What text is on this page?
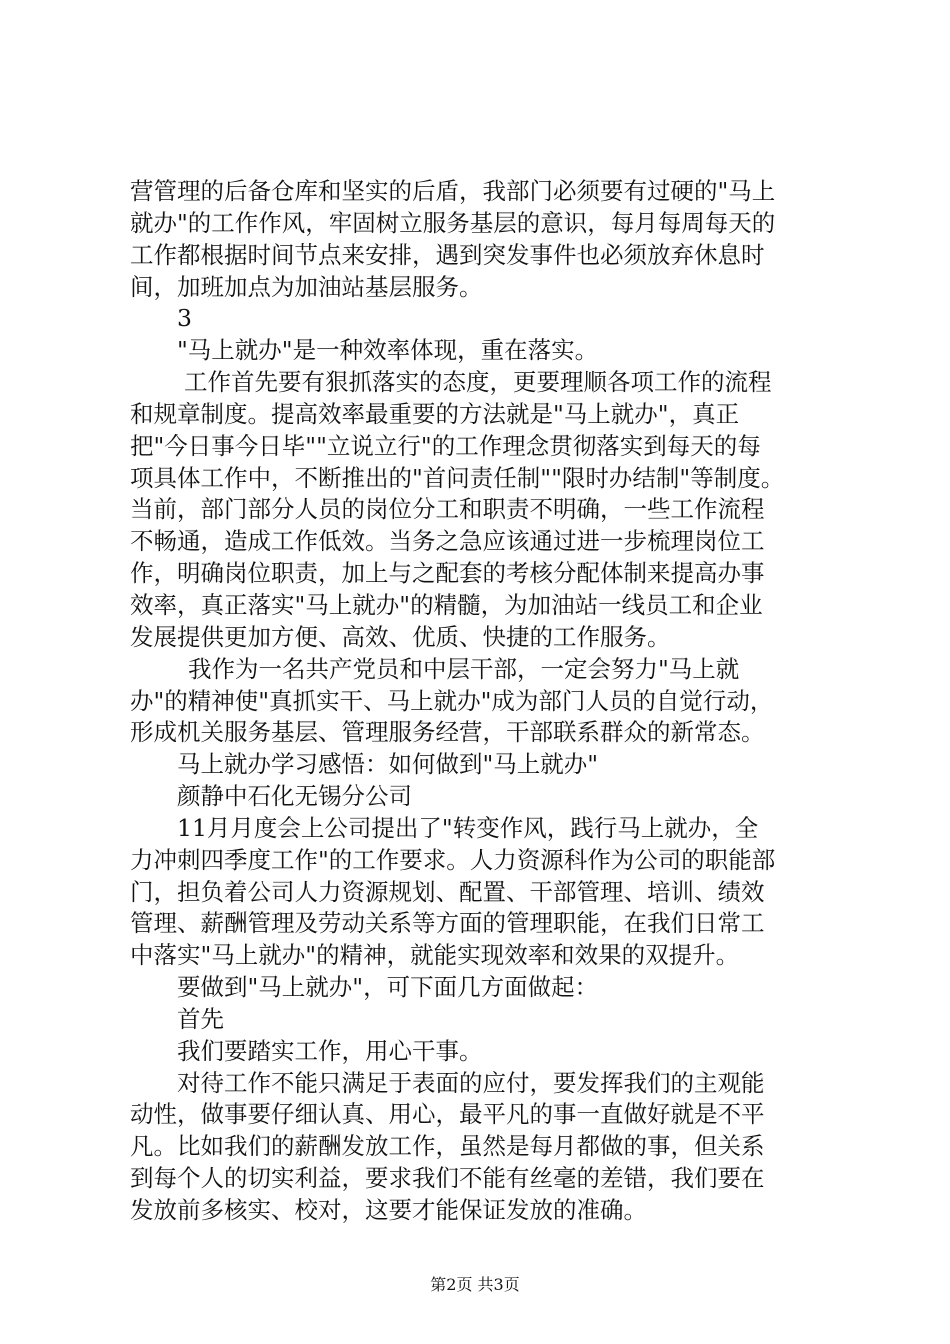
营管理的后备仓库和坚实的后盾，我部门必须要有过硬的"马上
就办"的工作作风，牢固树立服务基层的意识，每月每周每天的
工作都根据时间节点来安排，遇到突发事件也必须放弃休息时
间，加班加点为加油站基层服务。
3
"马上就办"是一种效率体现，重在落实。
工作首先要有狠抓落实的态度，更要理顺各项工作的流程
和规章制度。提高效率最重要的方法就是"马上就办"，真正
把"今日事今日毕""立说立行"的工作理念贯彻落实到每天的每
项具体工作中，不断推出的"首问责任制""限时办结制"等制度。
当前，部门部分人员的岗位分工和职责不明确，一些工作流程
不畅通，造成工作低效。当务之急应该通过进一步梳理岗位工
作，明确岗位职责，加上与之配套的考核分配体制来提高办事
效率，真正落实"马上就办"的精髓，为加油站一线员工和企业
发展提供更加方便、高效、优质、快捷的工作服务。
我作为一名共产党员和中层干部，一定会努力"马上就
办"的精神使"真抓实干、马上就办"成为部门人员的自觉行动，
形成机关服务基层、管理服务经营，干部联系群众的新常态。
马上就办学习感悟：如何做到"马上就办"
颜静中石化无锡分公司
11月月度会上公司提出了"转变作风，践行马上就办，全
力冲刺四季度工作"的工作要求。人力资源科作为公司的职能部
门，担负着公司人力资源规划、配置、干部管理、培训、绩效
管理、薪酬管理及劳动关系等方面的管理职能，在我们日常工
中落实"马上就办"的精神，就能实现效率和效果的双提升。
要做到"马上就办"，可下面几方面做起：
首先
我们要踏实工作，用心干事。
对待工作不能只满足于表面的应付，要发挥我们的主观能
动性，做事要仔细认真、用心，最平凡的事一直做好就是不平
凡。比如我们的薪酬发放工作，虽然是每月都做的事，但关系
到每个人的切实利益，要求我们不能有丝毫的差错，我们要在
发放前多核实、校对，这要才能保证发放的准确。
第2页 共3页
